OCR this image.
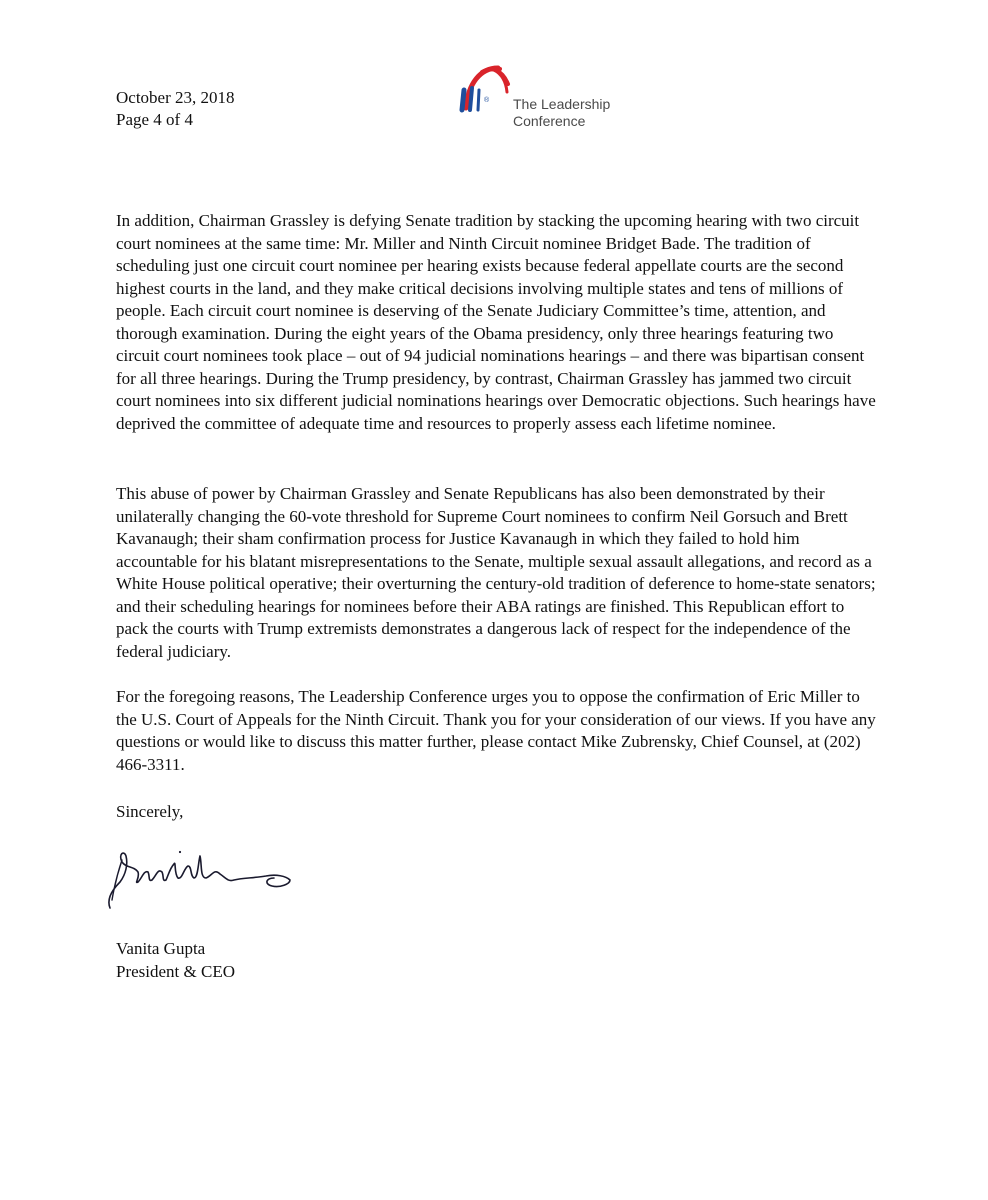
October 23, 2018
Page 4 of 4
® The Leadership
Conference

In addition, Chairman Grassley is defying Senate tradition by stacking the upcoming hearing with two circuit court nominees at the same time: Mr. Miller and Ninth Circuit nominee Bridget Bade. The tradition of scheduling just one circuit court nominee per hearing exists because federal appellate courts are the second highest courts in the land, and they make critical decisions involving multiple states and tens of millions of people. Each circuit court nominee is deserving of the Senate Judiciary Committee’s time, attention, and thorough examination. During the eight years of the Obama presidency, only three hearings featuring two circuit court nominees took place – out of 94 judicial nominations hearings – and there was bipartisan consent for all three hearings. During the Trump presidency, by contrast, Chairman Grassley has jammed two circuit court nominees into six different judicial nominations hearings over Democratic objections. Such hearings have deprived the committee of adequate time and resources to properly assess each lifetime nominee.

This abuse of power by Chairman Grassley and Senate Republicans has also been demonstrated by their unilaterally changing the 60-vote threshold for Supreme Court nominees to confirm Neil Gorsuch and Brett Kavanaugh; their sham confirmation process for Justice Kavanaugh in which they failed to hold him accountable for his blatant misrepresentations to the Senate, multiple sexual assault allegations, and record as a White House political operative; their overturning the century-old tradition of deference to home-state senators; and their scheduling hearings for nominees before their ABA ratings are finished. This Republican effort to pack the courts with Trump extremists demonstrates a dangerous lack of respect for the independence of the federal judiciary.

For the foregoing reasons, The Leadership Conference urges you to oppose the confirmation of Eric Miller to the U.S. Court of Appeals for the Ninth Circuit. Thank you for your consideration of our views. If you have any questions or would like to discuss this matter further, please contact Mike Zubrensky, Chief Counsel, at (202) 466-3311.

Sincerely,
Vanita Gupta
President & CEO
